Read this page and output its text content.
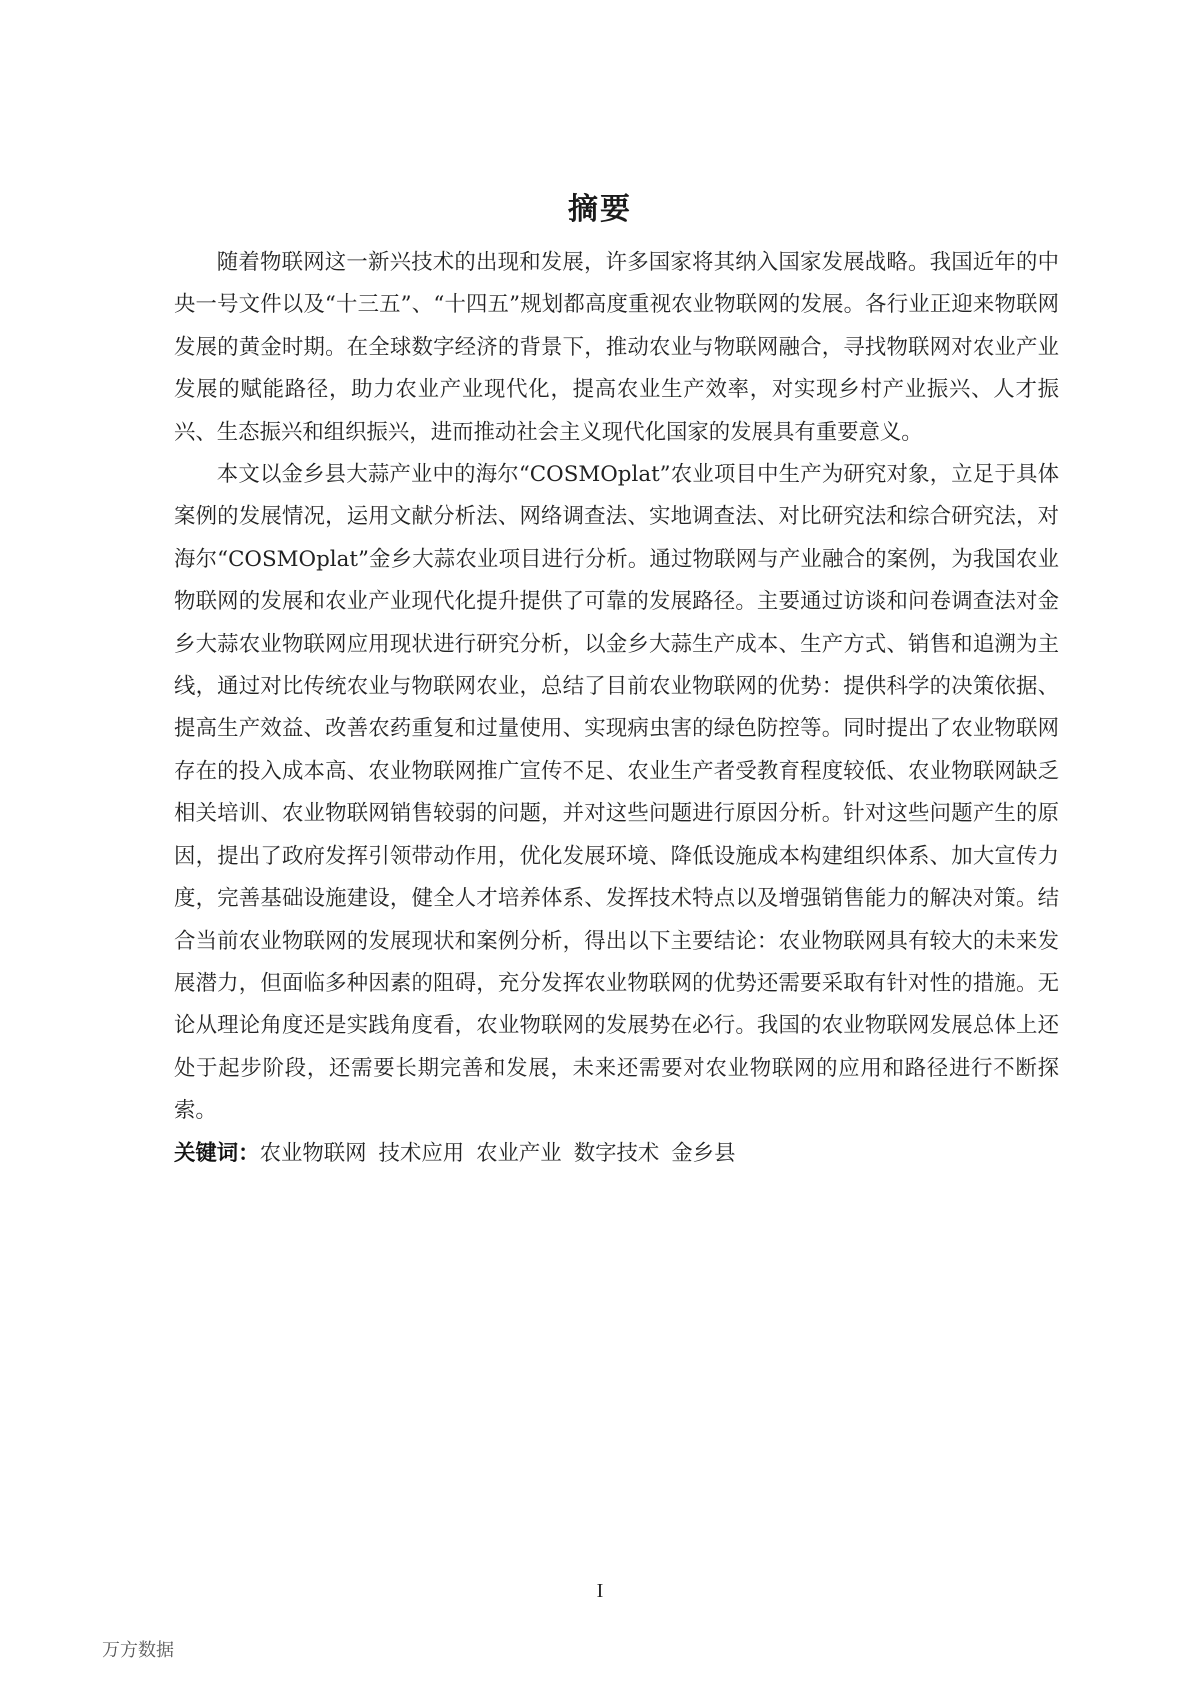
摘要

随着物联网这一新兴技术的出现和发展，许多国家将其纳入国家发展战略。我国近年的中央一号文件以及“十三五”、“十四五”规划都高度重视农业物联网的发展。各行业正迎来物联网发展的黄金时期。在全球数字经济的背景下，推动农业与物联网融合，寻找物联网对农业产业发展的赋能路径，助力农业产业现代化，提高农业生产效率，对实现乡村产业振兴、人才振兴、生态振兴和组织振兴，进而推动社会主义现代化国家的发展具有重要意义。

本文以金乡县大蒜产业中的海尔“COSMOplat”农业项目中生产为研究对象，立足于具体案例的发展情况，运用文献分析法、网络调查法、实地调查法、对比研究法和综合研究法，对海尔“COSMOplat”金乡大蒜农业项目进行分析。通过物联网与产业融合的案例，为我国农业物联网的发展和农业产业现代化提升提供了可靠的发展路径。主要通过访谈和问卷调查法对金乡大蒜农业物联网应用现状进行研究分析，以金乡大蒜生产成本、生产方式、销售和追溯为主线，通过对比传统农业与物联网农业，总结了目前农业物联网的优势：提供科学的决策依据、提高生产效益、改善农药重复和过量使用、实现病虫害的绿色防控等。同时提出了农业物联网存在的投入成本高、农业物联网推广宣传不足、农业生产者受教育程度较低、农业物联网缺乏相关培训、农业物联网销售较弱的问题，并对这些问题进行原因分析。针对这些问题产生的原因，提出了政府发挥引领带动作用，优化发展环境、降低设施成本构建组织体系、加大宣传力度，完善基础设施建设，健全人才培养体系、发挥技术特点以及增强销售能力的解决对策。结合当前农业物联网的发展现状和案例分析，得出以下主要结论：农业物联网具有较大的未来发展潜力，但面临多种因素的阻碍，充分发挥农业物联网的优势还需要采取有针对性的措施。无论从理论角度还是实践角度看，农业物联网的发展势在必行。我国的农业物联网发展总体上还处于起步阶段，还需要长期完善和发展，未来还需要对农业物联网的应用和路径进行不断探索。

关键词：农业物联网 技术应用 农业产业 数字技术 金乡县

I
万方数据
